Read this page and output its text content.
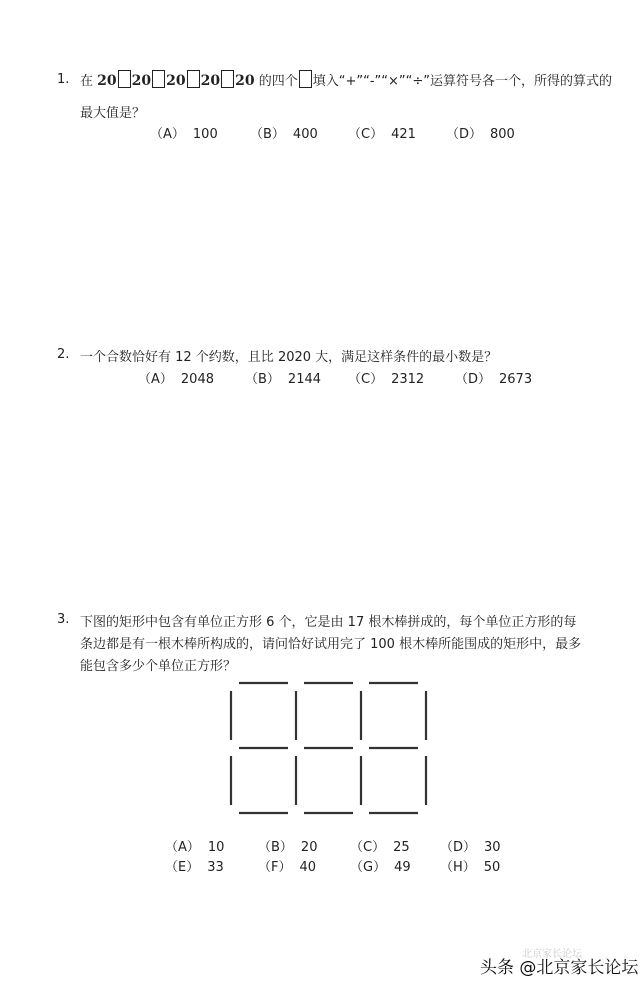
1. 在 20 20 20 20 20 的四个 填入“+”“-”“×”“÷”运算符号各一个，所得的算式的
最大值是？
（A） 100 （B） 400 （C） 421 （D） 800
2. 一个合数恰好有 12 个约数，且比 2020 大，满足这样条件的最小数是？
（A） 2048 （B） 2144 （C） 2312 （D） 2673
3. 下图的矩形中包含有单位正方形 6 个，它是由 17 根木棒拼成的，每个单位正方形的每
条边都是有一根木棒所构成的，请问恰好试用完了 100 根木棒所能围成的矩形中，最多
能包含多少个单位正方形？
（A） 10	（B） 20	（C） 25 （D） 30
（E） 33	（F） 40	（G） 49 （H） 50
北京家长论坛
头条 @北京家长论坛
